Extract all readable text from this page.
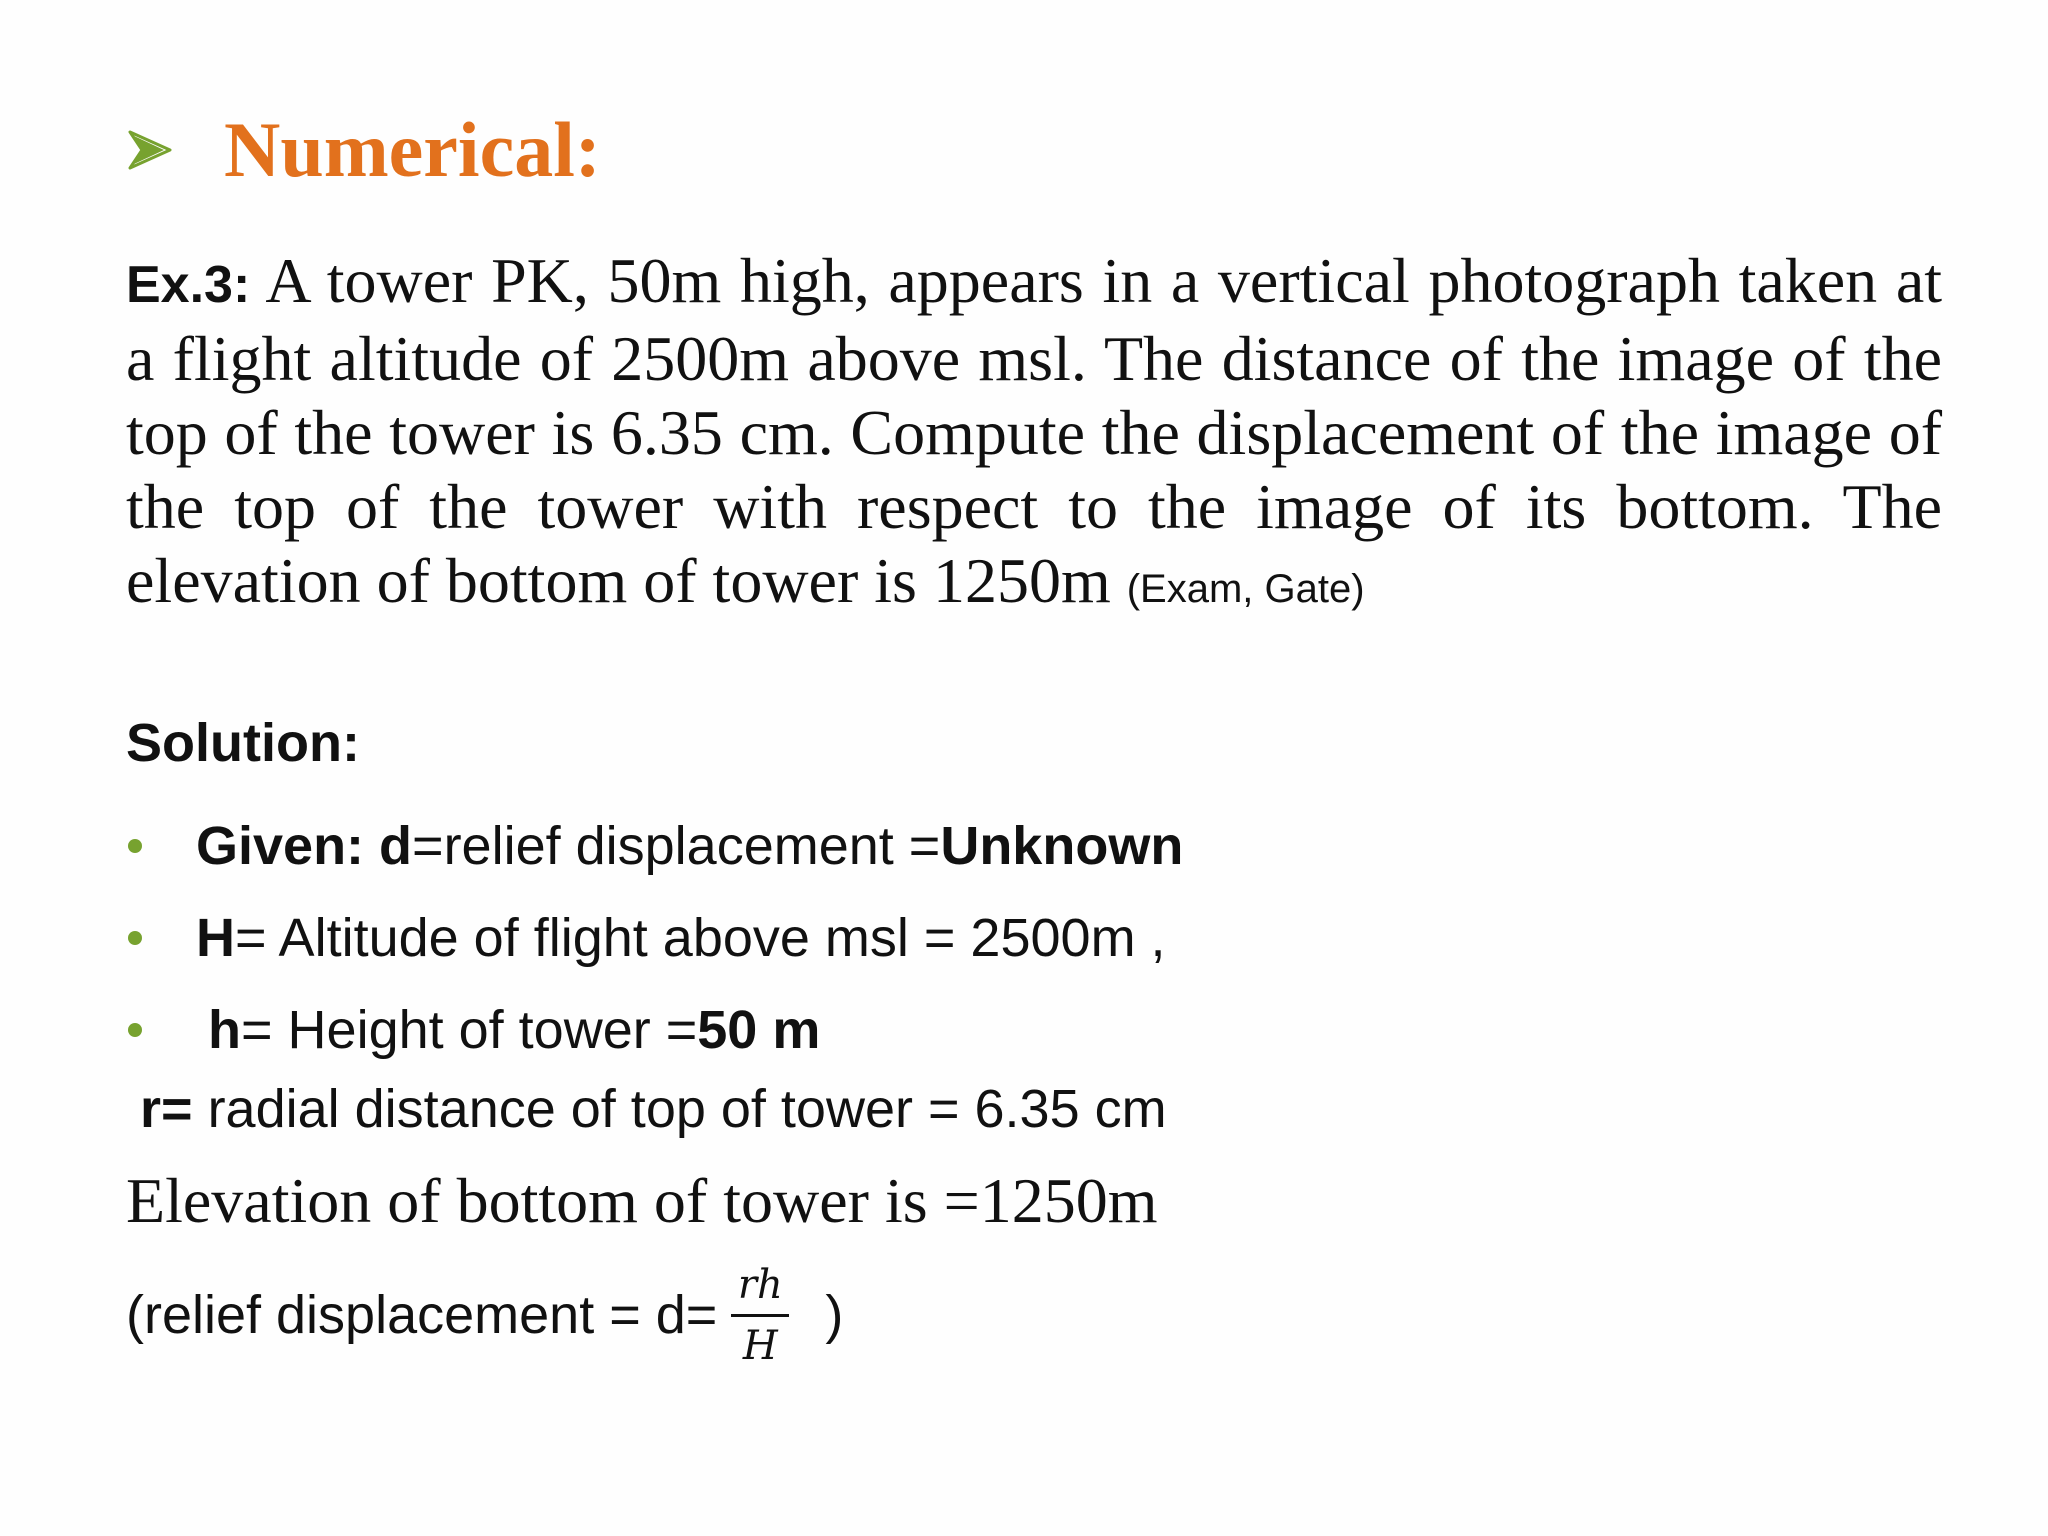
Numerical:
Ex.3: A tower PK, 50m high, appears in a vertical photograph taken at a flight altitude of 2500m above msl. The distance of the image of the top of the tower is 6.35 cm. Compute the displacement of the image of the top of the tower with respect to the image of its bottom. The elevation of bottom of tower is 1250m (Exam, Gate)
Solution:
Given: d =relief displacement = Unknown
H = Altitude of flight above msl = 2500m ,
h = Height of tower = 50 m
r= radial distance of top of tower = 6.35 cm
Elevation of bottom of tower is =1250m
(relief displacement = $d= \frac{rh}{H}$ )
